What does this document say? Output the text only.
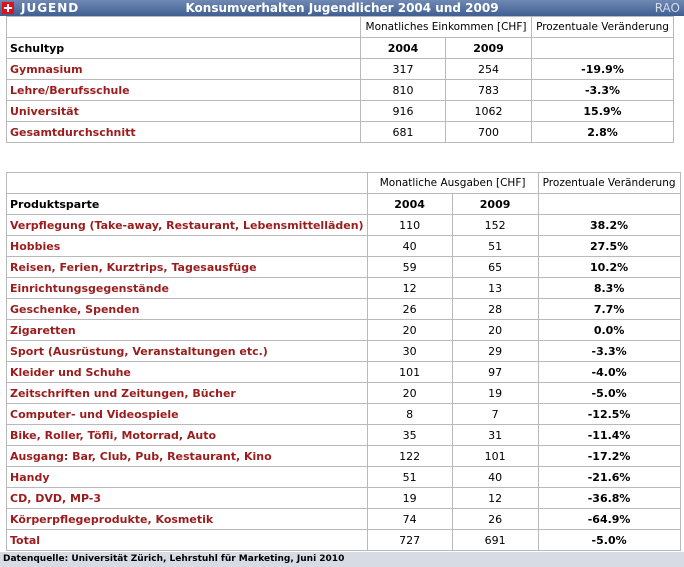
JUGEND	Konsumverhalten Jugendlicher 2004 und 2009	RAO
	Monatliches Einkommen [CHF]		Prozentuale Veränderung
Schultyp	2004	2009	
Gymnasium	317	254	-19.9%
Lehre/Berufsschule	810	783	-3.3%
Universität	916	1062	15.9%
Gesamtdurchschnitt	681	700	2.8%
	Monatliche Ausgaben [CHF]		Prozentuale Veränderung
Produktsparte	2004	2009	
Verpflegung (Take-away, Restaurant, Lebensmittelläden)	110	152	38.2%
Hobbies	40	51	27.5%
Reisen, Ferien, Kurztrips, Tagesausfüge	59	65	10.2%
Einrichtungsgegenstände	12	13	8.3%
Geschenke, Spenden	26	28	7.7%
Zigaretten	20	20	0.0%
Sport (Ausrüstung, Veranstaltungen etc.)	30	29	-3.3%
Kleider und Schuhe	101	97	-4.0%
Zeitschriften und Zeitungen, Bücher	20	19	-5.0%
Computer- und Videospiele	8	7	-12.5%
Bike, Roller, Töfli, Motorrad, Auto	35	31	-11.4%
Ausgang: Bar, Club, Pub, Restaurant, Kino	122	101	-17.2%
Handy	51	40	-21.6%
CD, DVD, MP-3	19	12	-36.8%
Körperpflegeprodukte, Kosmetik	74	26	-64.9%
Total	727	691	-5.0%
Datenquelle: Universität Zürich, Lehrstuhl für Marketing, Juni 2010
